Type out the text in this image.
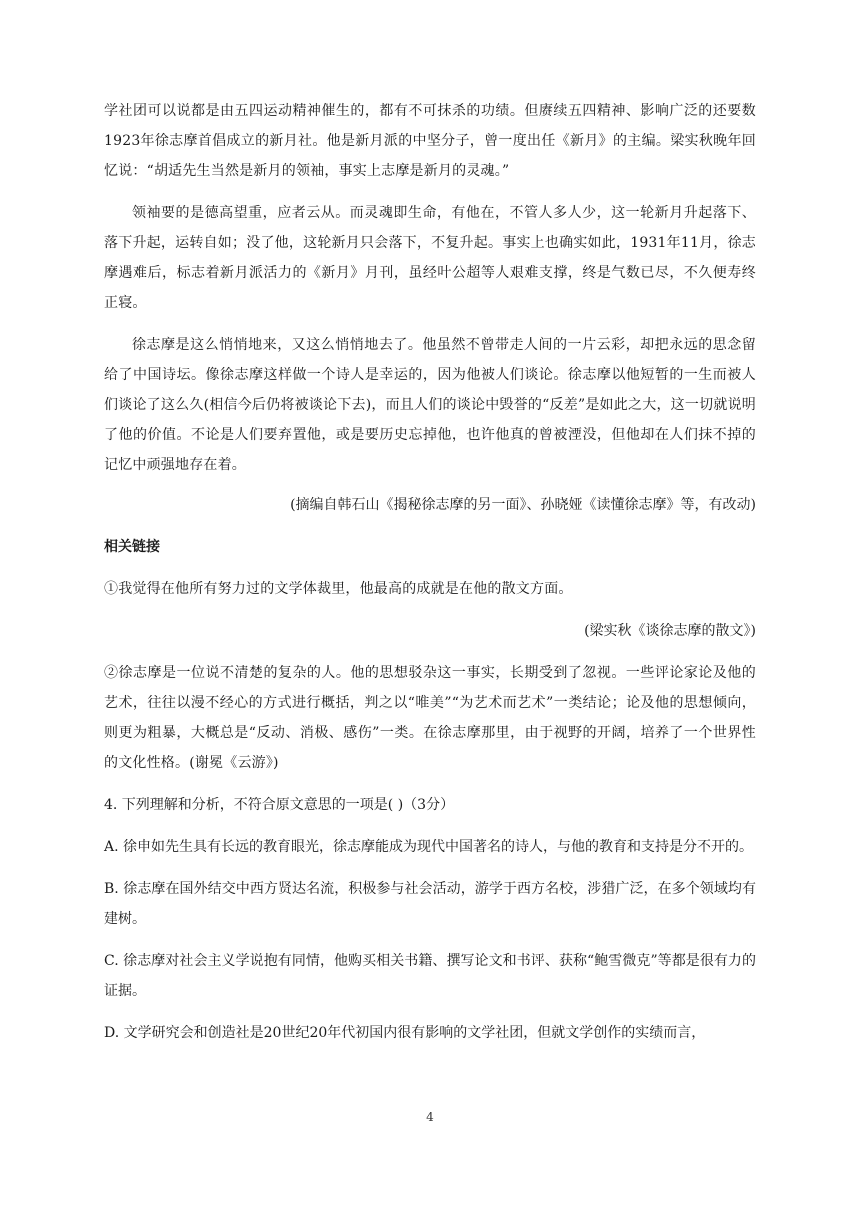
学社团可以说都是由五四运动精神催生的，都有不可抹杀的功绩。但赓续五四精神、影响广泛的还要数1923年徐志摩首倡成立的新月社。他是新月派的中坚分子，曾一度出任《新月》的主编。梁实秋晚年回忆说：“胡适先生当然是新月的领袖，事实上志摩是新月的灵魂。”

领袖要的是德高望重，应者云从。而灵魂即生命，有他在，不管人多人少，这一轮新月升起落下、落下升起，运转自如；没了他，这轮新月只会落下，不复升起。事实上也确实如此，1931年11月，徐志摩遇难后，标志着新月派活力的《新月》月刊，虽经叶公超等人艰难支撑，终是气数已尽，不久便寿终正寝。

徐志摩是这么悄悄地来，又这么悄悄地去了。他虽然不曾带走人间的一片云彩，却把永远的思念留给了中国诗坛。像徐志摩这样做一个诗人是幸运的，因为他被人们谈论。徐志摩以他短暂的一生而被人们谈论了这么久(相信今后仍将被谈论下去)，而且人们的谈论中毁誉的“反差”是如此之大，这一切就说明了他的价值。不论是人们要弃置他，或是要历史忘掉他，也许他真的曾被湮没，但他却在人们抹不掉的记忆中顽强地存在着。

(摘编自韩石山《揭秘徐志摩的另一面》、孙晓娅《读懂徐志摩》等，有改动)

相关链接

①我觉得在他所有努力过的文学体裁里，他最高的成就是在他的散文方面。

(梁实秋《谈徐志摩的散文》)

②徐志摩是一位说不清楚的复杂的人。他的思想驳杂这一事实，长期受到了忽视。一些评论家论及他的艺术，往往以漫不经心的方式进行概括，判之以“唯美”“为艺术而艺术”一类结论；论及他的思想倾向，则更为粗暴，大概总是“反动、消极、感伤”一类。在徐志摩那里，由于视野的开阔，培养了一个世界性的文化性格。(谢冕《云游》)

4. 下列理解和分析，不符合原文意思的一项是( )（3分）

A. 徐申如先生具有长远的教育眼光，徐志摩能成为现代中国著名的诗人，与他的教育和支持是分不开的。

B. 徐志摩在国外结交中西方贤达名流，积极参与社会活动，游学于西方名校，涉猎广泛，在多个领域均有建树。

C. 徐志摩对社会主义学说抱有同情，他购买相关书籍、撰写论文和书评、获称“鲍雪微克”等都是很有力的证据。

D. 文学研究会和创造社是20世纪20年代初国内很有影响的文学社团，但就文学创作的实绩而言，

4
